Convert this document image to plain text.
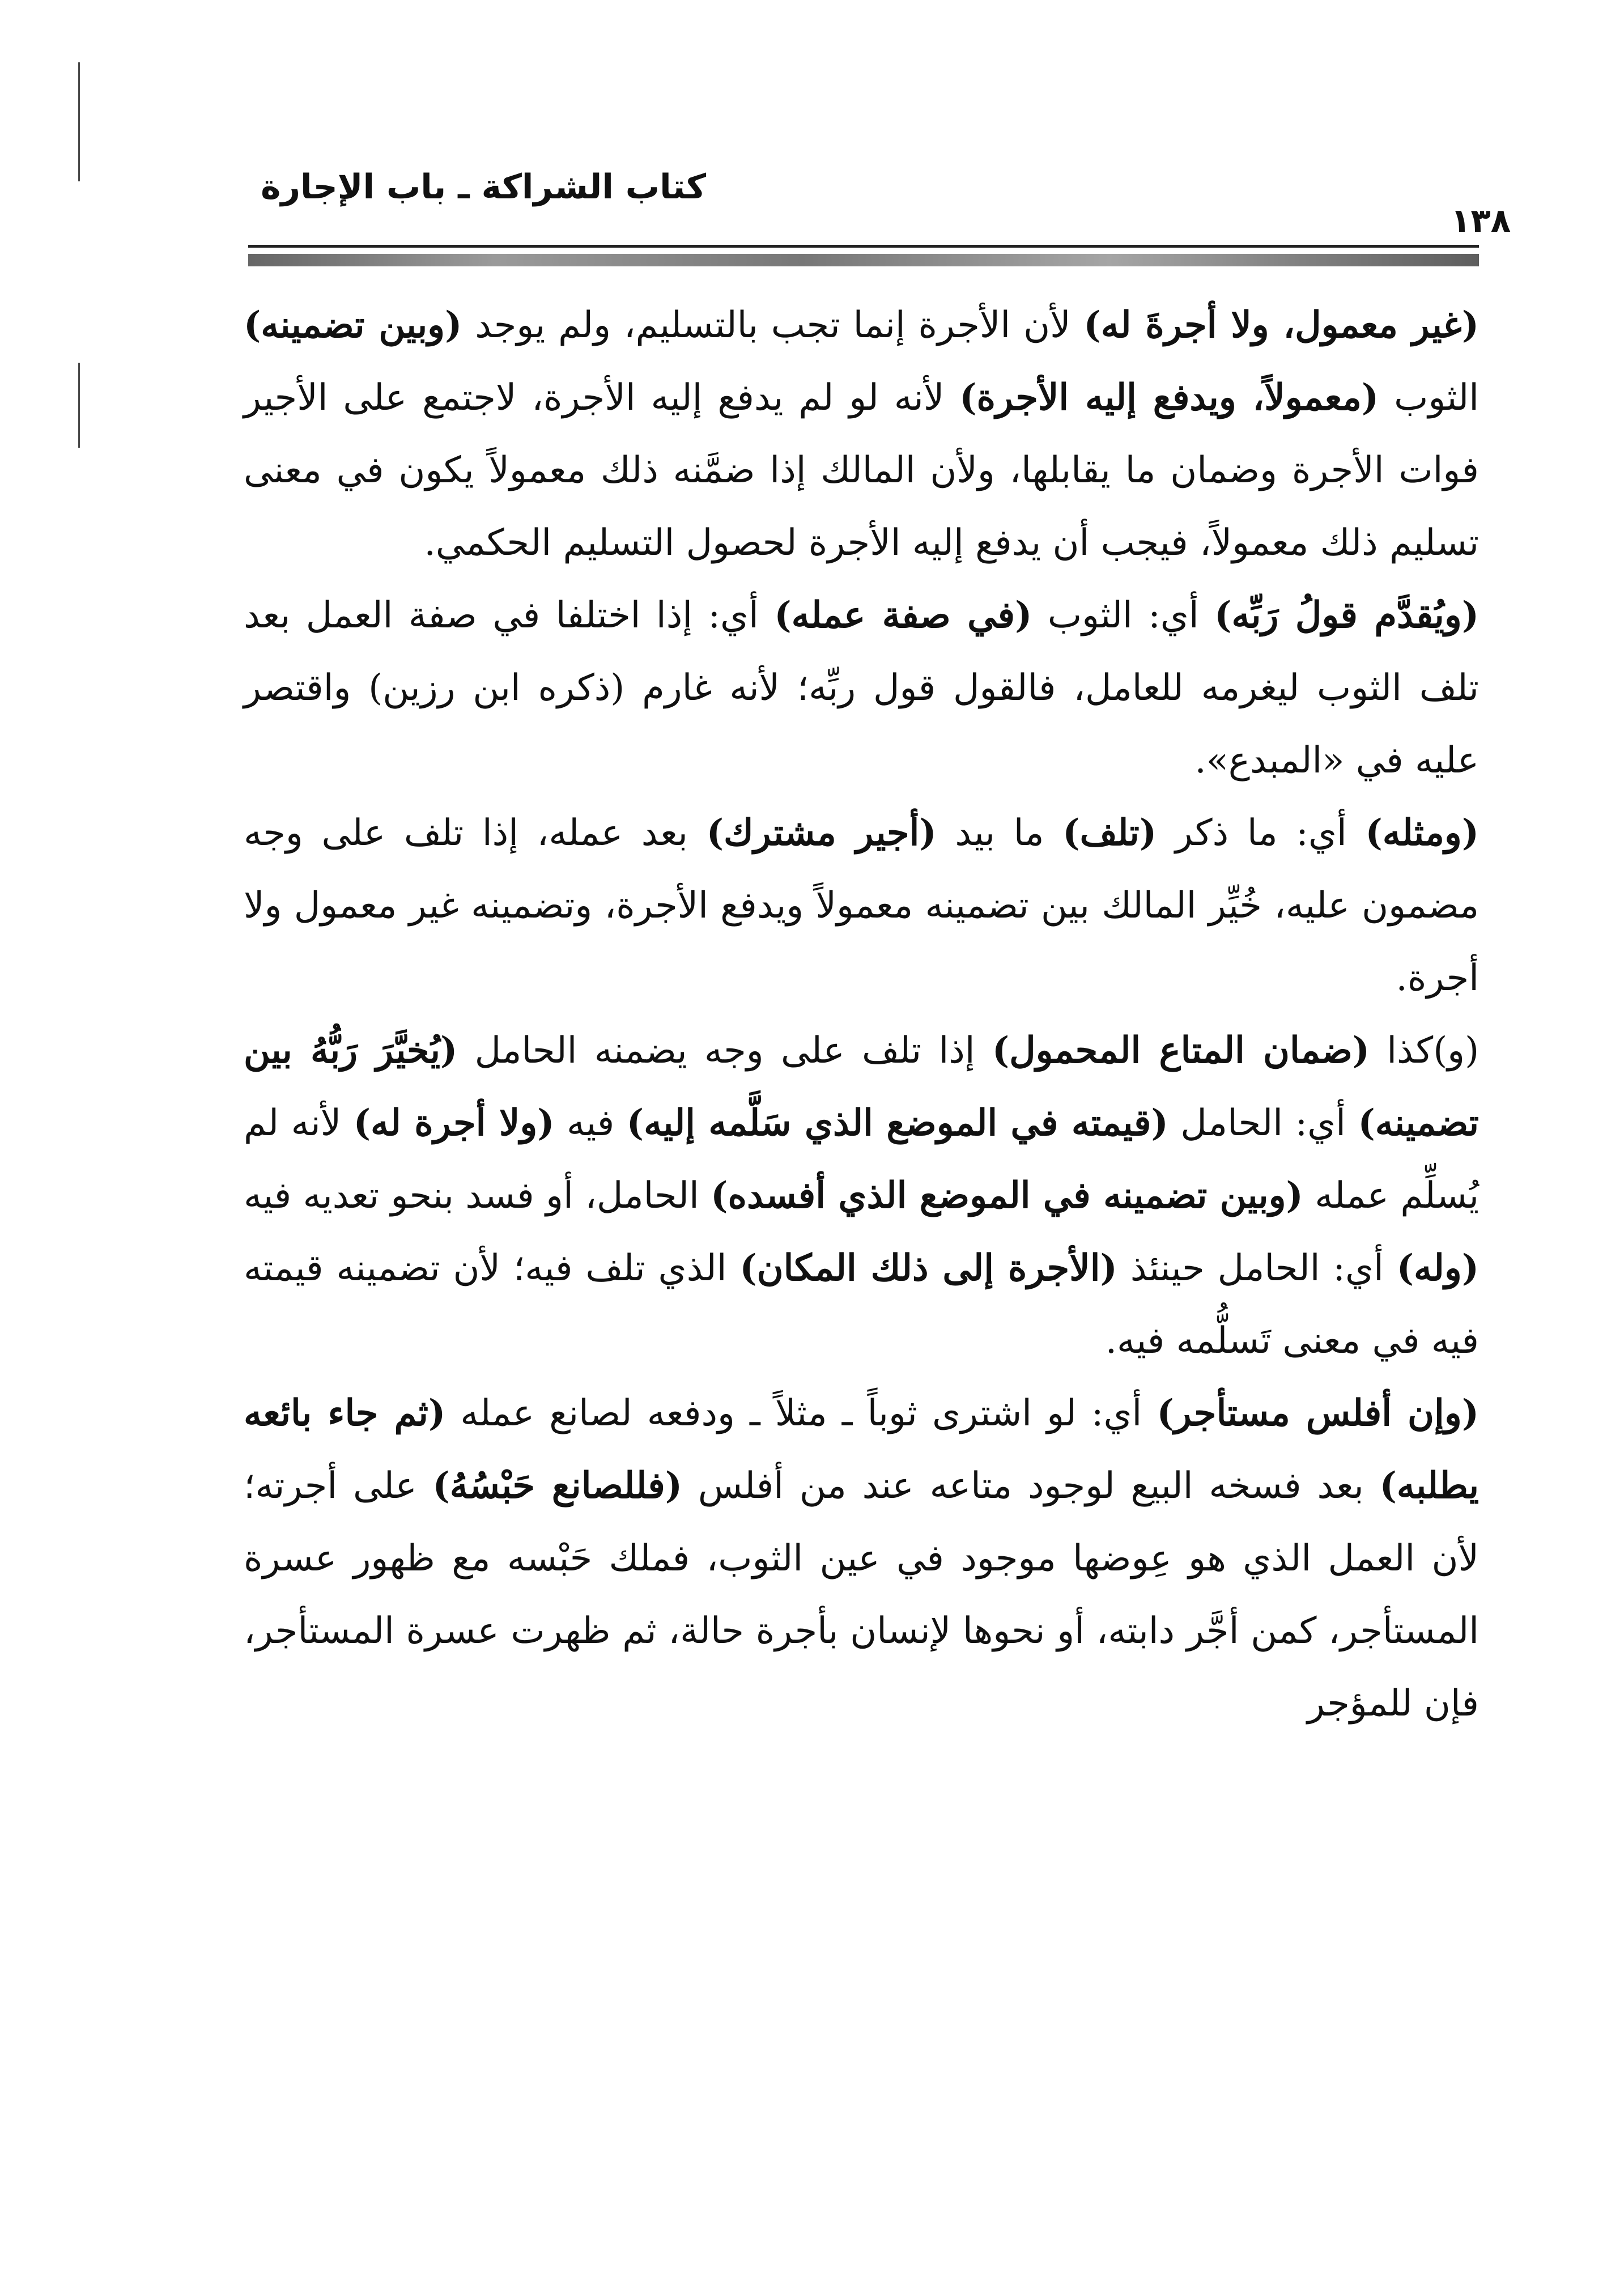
كتاب الشراكة ـ باب الإجارة
١٣٨

(غير معمول، ولا أجرةَ له) لأن الأجرة إنما تجب بالتسليم، ولم يوجد (وبين تضمينه) الثوب (معمولاً، ويدفع إليه الأجرة) لأنه لو لم يدفع إليه الأجرة، لاجتمع على الأجير فوات الأجرة وضمان ما يقابلها، ولأن المالك إذا ضمَّنه ذلك معمولاً يكون في معنى تسليم ذلك معمولاً، فيجب أن يدفع إليه الأجرة لحصول التسليم الحكمي.

(ويُقدَّم قولُ رَبِّه) أي: الثوب (في صفة عمله) أي: إذا اختلفا في صفة العمل بعد تلف الثوب ليغرمه للعامل، فالقول قول ربِّه؛ لأنه غارم (ذكره ابن رزين) واقتصر عليه في «المبدع».

(ومثله) أي: ما ذكر (تلف) ما بيد (أجير مشترك) بعد عمله، إذا تلف على وجه مضمون عليه، خُيِّر المالك بين تضمينه معمولاً ويدفع الأجرة، وتضمينه غير معمول ولا أجرة.

(و)كذا (ضمان المتاع المحمول) إذا تلف على وجه يضمنه الحامل (يُخيَّرَ رَبُّهُ بين تضمينه) أي: الحامل (قيمته في الموضع الذي سَلَّمه إليه) فيه (ولا أجرة له) لأنه لم يُسلِّم عمله (وبين تضمينه في الموضع الذي أفسده) الحامل، أو فسد بنحو تعديه فيه (وله) أي: الحامل حينئذ (الأجرة إلى ذلك المكان) الذي تلف فيه؛ لأن تضمينه قيمته فيه في معنى تَسلُّمه فيه.

(وإن أفلس مستأجر) أي: لو اشترى ثوباً ـ مثلاً ـ ودفعه لصانع عمله (ثم جاء بائعه يطلبه) بعد فسخه البيع لوجود متاعه عند من أفلس (فللصانع حَبْسُهُ) على أجرته؛ لأن العمل الذي هو عِوضها موجود في عين الثوب، فملك حَبْسه مع ظهور عسرة المستأجر، كمن أجَّر دابته، أو نحوها لإنسان بأجرة حالة، ثم ظهرت عسرة المستأجر، فإن للمؤجر
